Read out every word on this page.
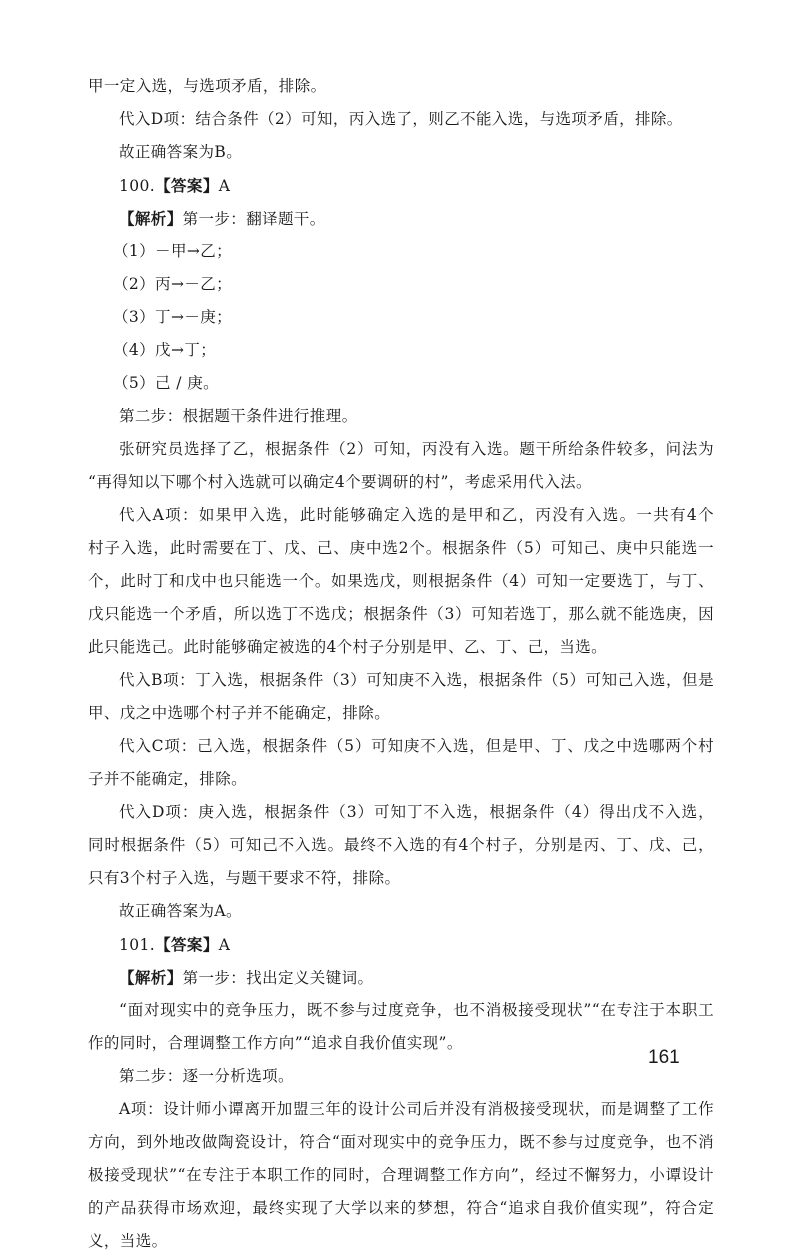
甲一定入选，与选项矛盾，排除。
代入D项：结合条件（2）可知，丙入选了，则乙不能入选，与选项矛盾，排除。
故正确答案为B。
100.【答案】A
【解析】第一步：翻译题干。
（1）－甲→乙；
（2）丙→－乙；
（3）丁→－庚；
（4）戊→丁；
（5）己 / 庚。
第二步：根据题干条件进行推理。
张研究员选择了乙，根据条件（2）可知，丙没有入选。题干所给条件较多，问法为
“再得知以下哪个村入选就可以确定4个要调研的村”，考虑采用代入法。
代入A项：如果甲入选，此时能够确定入选的是甲和乙，丙没有入选。一共有4个
村子入选，此时需要在丁、戊、己、庚中选2个。根据条件（5）可知己、庚中只能选一
个，此时丁和戊中也只能选一个。如果选戊，则根据条件（4）可知一定要选丁，与丁、
戊只能选一个矛盾，所以选丁不选戊；根据条件（3）可知若选丁，那么就不能选庚，因
此只能选己。此时能够确定被选的4个村子分别是甲、乙、丁、己，当选。
代入B项：丁入选，根据条件（3）可知庚不入选，根据条件（5）可知己入选，但是
甲、戊之中选哪个村子并不能确定，排除。
代入C项：己入选，根据条件（5）可知庚不入选，但是甲、丁、戊之中选哪两个村
子并不能确定，排除。
代入D项：庚入选，根据条件（3）可知丁不入选，根据条件（4）得出戊不入选，
同时根据条件（5）可知己不入选。最终不入选的有4个村子，分别是丙、丁、戊、己，
只有3个村子入选，与题干要求不符，排除。
故正确答案为A。
101.【答案】A
【解析】第一步：找出定义关键词。
“面对现实中的竞争压力，既不参与过度竞争，也不消极接受现状”“在专注于本职工
作的同时，合理调整工作方向”“追求自我价值实现”。
第二步：逐一分析选项。
A项：设计师小谭离开加盟三年的设计公司后并没有消极接受现状，而是调整了工作
方向，到外地改做陶瓷设计，符合“面对现实中的竞争压力，既不参与过度竞争，也不消
极接受现状”“在专注于本职工作的同时，合理调整工作方向”，经过不懈努力，小谭设计
的产品获得市场欢迎，最终实现了大学以来的梦想，符合“追求自我价值实现”，符合定
义，当选。
161
